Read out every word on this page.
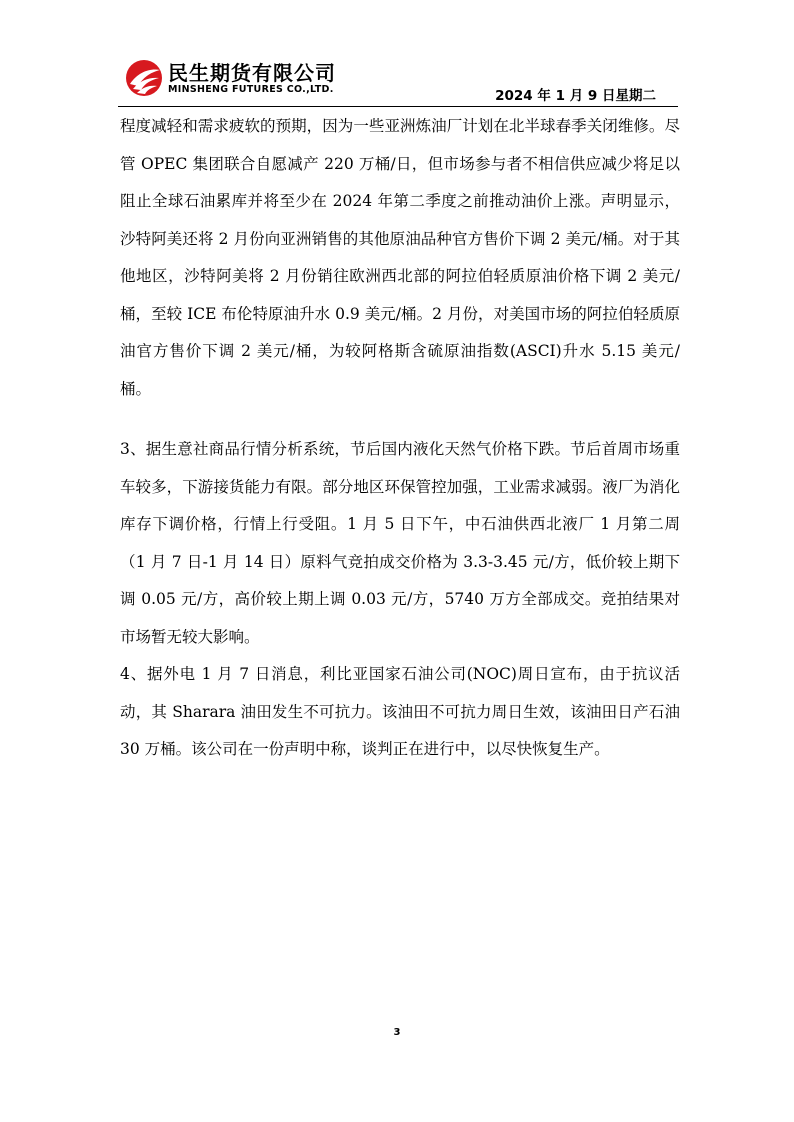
民生期货有限公司
MINSHENG FUTURES CO.,LTD.	2024 年 1 月 9 日星期二

程度减轻和需求疲软的预期，因为一些亚洲炼油厂计划在北半球春季关闭维修。尽管 OPEC 集团联合自愿减产 220 万桶/日，但市场参与者不相信供应减少将足以阻止全球石油累库并将至少在 2024 年第二季度之前推动油价上涨。声明显示，沙特阿美还将 2 月份向亚洲销售的其他原油品种官方售价下调 2 美元/桶。对于其他地区，沙特阿美将 2 月份销往欧洲西北部的阿拉伯轻质原油价格下调 2 美元/桶，至较 ICE 布伦特原油升水 0.9 美元/桶。2 月份，对美国市场的阿拉伯轻质原油官方售价下调 2 美元/桶，为较阿格斯含硫原油指数(ASCI)升水 5.15 美元/桶。

3、据生意社商品行情分析系统，节后国内液化天然气价格下跌。节后首周市场重车较多，下游接货能力有限。部分地区环保管控加强，工业需求减弱。液厂为消化库存下调价格，行情上行受阻。1 月 5 日下午，中石油供西北液厂 1 月第二周（1 月 7 日-1 月 14 日）原料气竞拍成交价格为 3.3-3.45 元/方，低价较上期下调 0.05 元/方，高价较上期上调 0.03 元/方，5740 万方全部成交。竞拍结果对市场暂无较大影响。

4、据外电 1 月 7 日消息，利比亚国家石油公司(NOC)周日宣布，由于抗议活动，其 Sharara 油田发生不可抗力。该油田不可抗力周日生效，该油田日产石油 30 万桶。该公司在一份声明中称，谈判正在进行中，以尽快恢复生产。

3
